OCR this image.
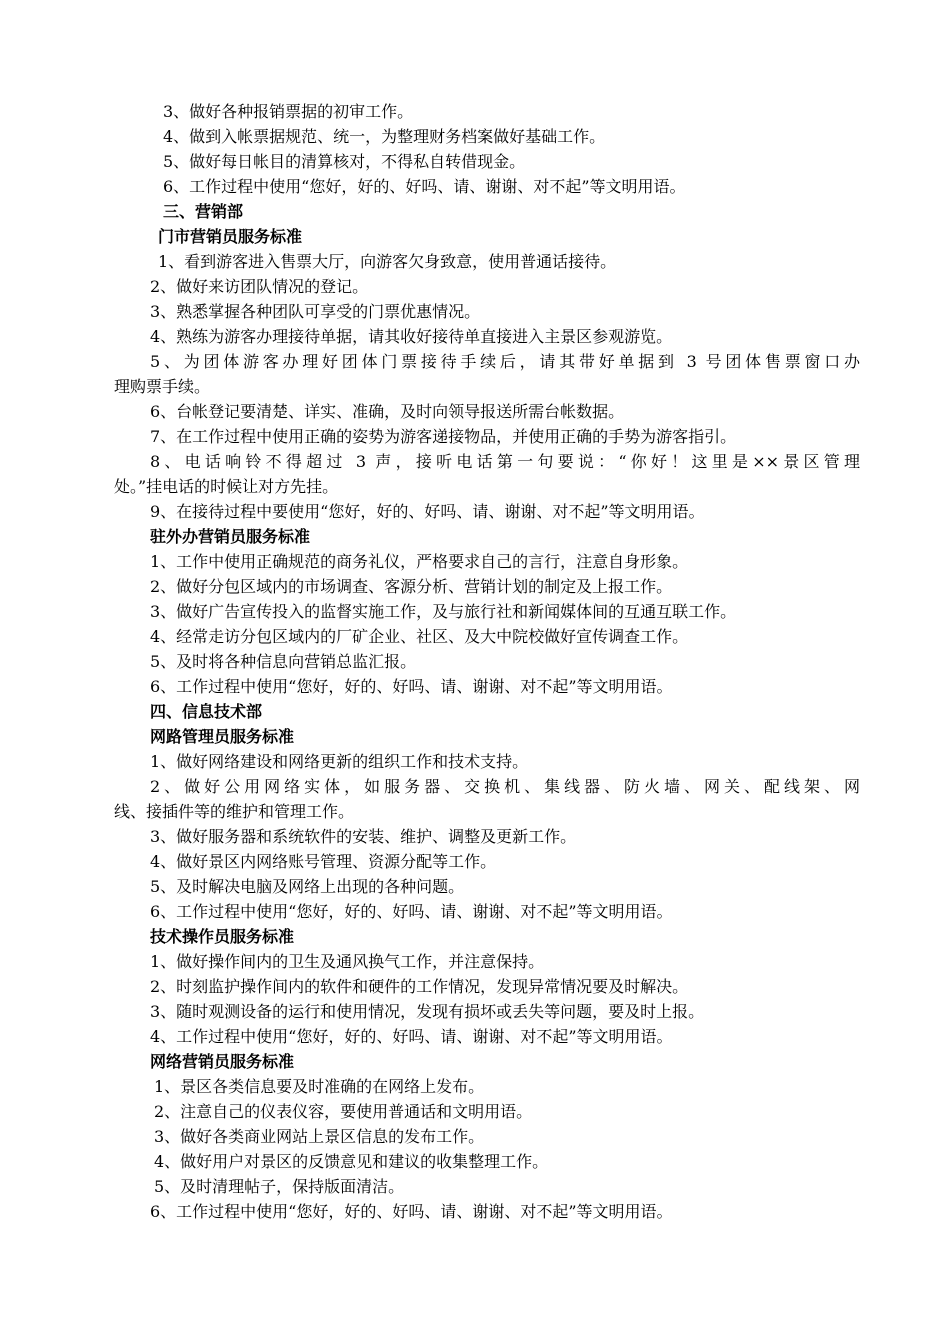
3、做好各种报销票据的初审工作。
4、做到入帐票据规范、统一，为整理财务档案做好基础工作。
5、做好每日帐目的清算核对，不得私自转借现金。
6、工作过程中使用“您好，好的、好吗、请、谢谢、对不起”等文明用语。
三、营销部
门市营销员服务标准
1、看到游客进入售票大厅，向游客欠身致意，使用普通话接待。
2、做好来访团队情况的登记。
3、熟悉掌握各种团队可享受的门票优惠情况。
4、熟练为游客办理接待单据，请其收好接待单直接进入主景区参观游览。
5、为团体游客办理好团体门票接待手续后，请其带好单据到 3 号团体售票窗口办
理购票手续。
6、台帐登记要清楚、详实、准确，及时向领导报送所需台帐数据。
7、在工作过程中使用正确的姿势为游客递接物品，并使用正确的手势为游客指引。
8、电话响铃不得超过 3 声，接听电话第一句要说：“你好！这里是××景区管理
处。”挂电话的时候让对方先挂。
9、在接待过程中要使用“您好，好的、好吗、请、谢谢、对不起”等文明用语。
驻外办营销员服务标准
1、工作中使用正确规范的商务礼仪，严格要求自己的言行，注意自身形象。
2、做好分包区域内的市场调查、客源分析、营销计划的制定及上报工作。
3、做好广告宣传投入的监督实施工作，及与旅行社和新闻媒体间的互通互联工作。
4、经常走访分包区域内的厂矿企业、社区、及大中院校做好宣传调查工作。
5、及时将各种信息向营销总监汇报。
6、工作过程中使用“您好，好的、好吗、请、谢谢、对不起”等文明用语。
四、信息技术部
网路管理员服务标准
1、做好网络建设和网络更新的组织工作和技术支持。
2、做好公用网络实体，如服务器、交换机、集线器、防火墙、网关、配线架、网
线、接插件等的维护和管理工作。
3、做好服务器和系统软件的安装、维护、调整及更新工作。
4、做好景区内网络账号管理、资源分配等工作。
5、及时解决电脑及网络上出现的各种问题。
6、工作过程中使用“您好，好的、好吗、请、谢谢、对不起”等文明用语。
技术操作员服务标准
1、做好操作间内的卫生及通风换气工作，并注意保持。
2、时刻监护操作间内的软件和硬件的工作情况，发现异常情况要及时解决。
3、随时观测设备的运行和使用情况，发现有损坏或丢失等问题，要及时上报。
4、工作过程中使用“您好，好的、好吗、请、谢谢、对不起”等文明用语。
网络营销员服务标准
1、景区各类信息要及时准确的在网络上发布。
2、注意自己的仪表仪容，要使用普通话和文明用语。
3、做好各类商业网站上景区信息的发布工作。
4、做好用户对景区的反馈意见和建议的收集整理工作。
5、及时清理帖子，保持版面清洁。
6、工作过程中使用“您好，好的、好吗、请、谢谢、对不起”等文明用语。
